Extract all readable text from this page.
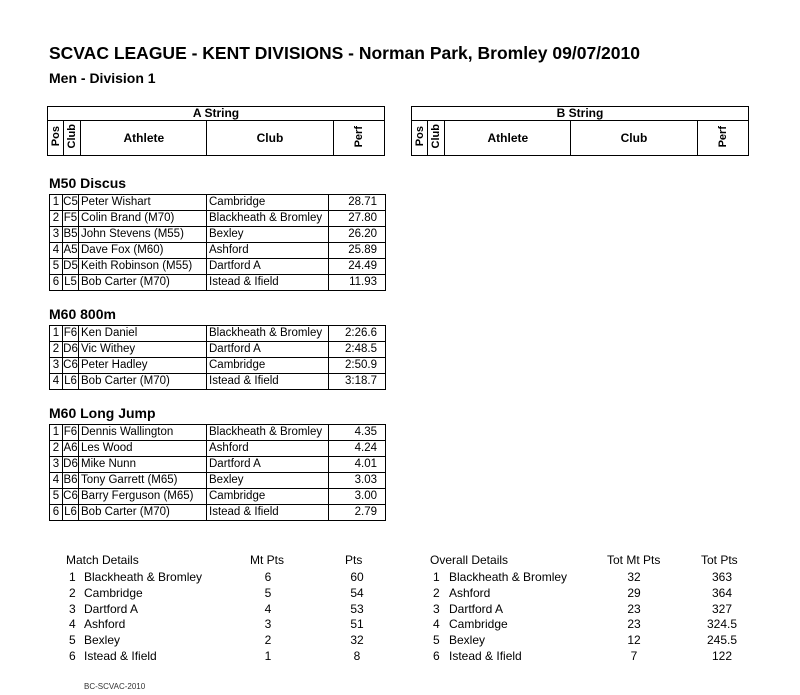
SCVAC LEAGUE - KENT DIVISIONS - Norman Park, Bromley 09/07/2010
Men - Division 1
A String
Pos	Club	Athlete	Club	Perf
B String
Pos	Club	Athlete	Club	Perf
M50 Discus
1	C5	Peter Wishart	Cambridge	28.71
2	F5	Colin Brand (M70)	Blackheath & Bromley	27.80
3	B5	John Stevens (M55)	Bexley	26.20
4	A5	Dave Fox (M60)	Ashford	25.89
5	D5	Keith Robinson (M55)	Dartford A	24.49
6	L5	Bob Carter (M70)	Istead & Ifield	11.93
M60 800m
1	F6	Ken Daniel	Blackheath & Bromley	2:26.6
2	D6	Vic Withey	Dartford A	2:48.5
3	C6	Peter Hadley	Cambridge	2:50.9
4	L6	Bob Carter (M70)	Istead & Ifield	3:18.7
M60 Long Jump
1	F6	Dennis Wallington	Blackheath & Bromley	4.35
2	A6	Les Wood	Ashford	4.24
3	D6	Mike Nunn	Dartford A	4.01
4	B6	Tony Garrett (M65)	Bexley	3.03
5	C6	Barry Ferguson (M65)	Cambridge	3.00
6	L6	Bob Carter (M70)	Istead & Ifield	2.79
Match Details	Mt Pts	Pts
1 Blackheath & Bromley	6	60
2 Cambridge	5	54
3 Dartford A	4	53
4 Ashford	3	51
5 Bexley	2	32
6 Istead & Ifield	1	8
Overall Details	Tot Mt Pts	Tot Pts
1 Blackheath & Bromley	32	363
2 Ashford	29	364
3 Dartford A	23	327
4 Cambridge	23	324.5
5 Bexley	12	245.5
6 Istead & Ifield	7	122
BC-SCVAC-2010
